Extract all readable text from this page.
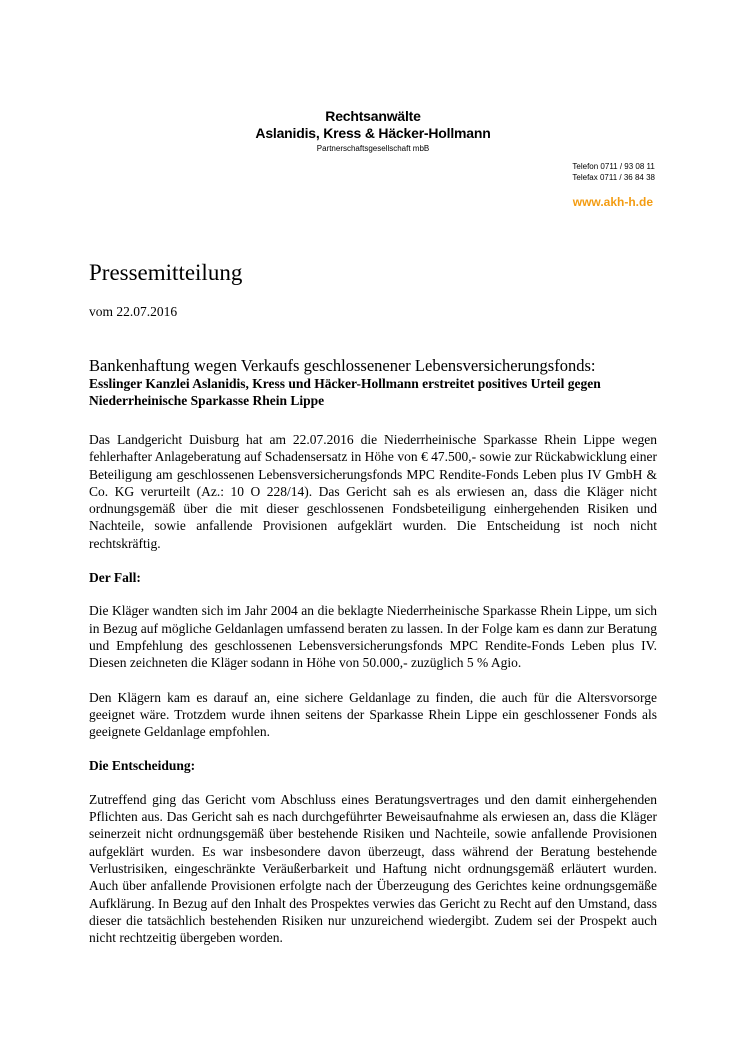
Rechtsanwälte
Aslanidis, Kress & Häcker-Hollmann
Partnerschaftsgesellschaft mbB
Telefon 0711 / 93 08 11
Telefax 0711 / 36 84 38
www.akh-h.de
Pressemitteilung
vom 22.07.2016
Bankenhaftung wegen Verkaufs geschlossenener Lebensversicherungsfonds:
Esslinger Kanzlei Aslanidis, Kress und Häcker-Hollmann erstreitet positives Urteil gegen Niederrheinische Sparkasse Rhein Lippe

Das Landgericht Duisburg hat am 22.07.2016 die Niederrheinische Sparkasse Rhein Lippe wegen fehlerhafter Anlageberatung auf Schadensersatz in Höhe von € 47.500,- sowie zur Rückabwicklung einer Beteiligung am geschlossenen Lebensversicherungsfonds MPC Rendite-Fonds Leben plus IV GmbH & Co. KG verurteilt (Az.: 10 O 228/14). Das Gericht sah es als erwiesen an, dass die Kläger nicht ordnungsgemäß über die mit dieser geschlossenen Fondsbeteiligung einhergehenden Risiken und Nachteile, sowie anfallende Provisionen aufgeklärt wurden. Die Entscheidung ist noch nicht rechtskräftig.

Der Fall:

Die Kläger wandten sich im Jahr 2004 an die beklagte Niederrheinische Sparkasse Rhein Lippe, um sich in Bezug auf mögliche Geldanlagen umfassend beraten zu lassen. In der Folge kam es dann zur Beratung und Empfehlung des geschlossenen Lebensversicherungsfonds MPC Rendite-Fonds Leben plus IV. Diesen zeichneten die Kläger sodann in Höhe von 50.000,- zuzüglich 5 % Agio.

Den Klägern kam es darauf an, eine sichere Geldanlage zu finden, die auch für die Altersvorsorge geeignet wäre. Trotzdem wurde ihnen seitens der Sparkasse Rhein Lippe ein geschlossener Fonds als geeignete Geldanlage empfohlen.

Die Entscheidung:

Zutreffend ging das Gericht vom Abschluss eines Beratungsvertrages und den damit einhergehenden Pflichten aus. Das Gericht sah es nach durchgeführter Beweisaufnahme als erwiesen an, dass die Kläger seinerzeit nicht ordnungsgemäß über bestehende Risiken und Nachteile, sowie anfallende Provisionen aufgeklärt wurden. Es war insbesondere davon überzeugt, dass während der Beratung bestehende Verlustrisiken, eingeschränkte Veräußerbarkeit und Haftung nicht ordnungsgemäß erläutert wurden. Auch über anfallende Provisionen erfolgte nach der Überzeugung des Gerichtes keine ordnungsgemäße Aufklärung. In Bezug auf den Inhalt des Prospektes verwies das Gericht zu Recht auf den Umstand, dass dieser die tatsächlich bestehenden Risiken nur unzureichend wiedergibt. Zudem sei der Prospekt auch nicht rechtzeitig übergeben worden.
